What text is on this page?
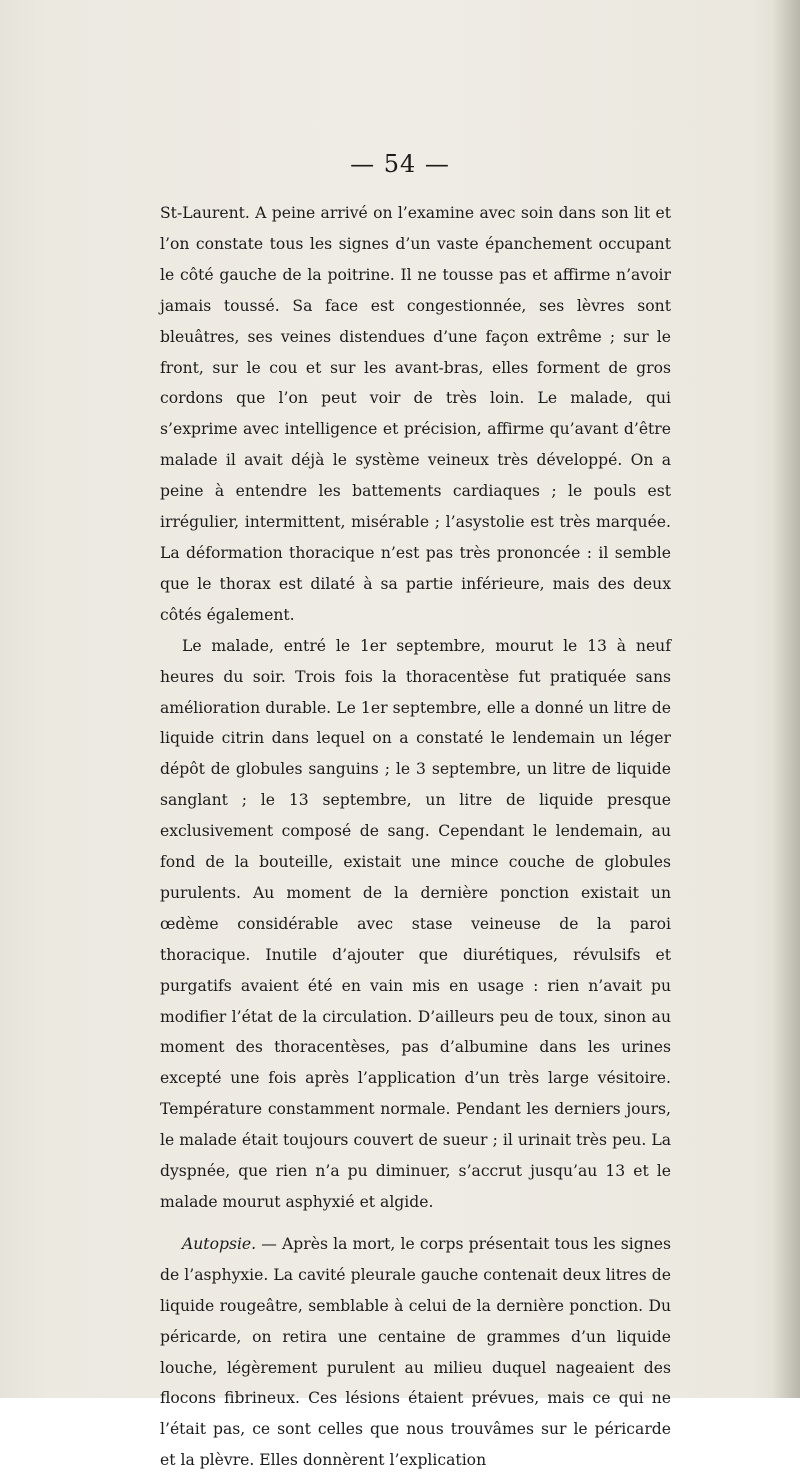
— 54 —

St-Laurent. A peine arrivé on l’examine avec soin dans son lit et l’on constate tous les signes d’un vaste épanchement occupant le côté gauche de la poitrine. Il ne tousse pas et affirme n’avoir jamais toussé. Sa face est congestionnée, ses lèvres sont bleuâtres, ses veines distendues d’une façon extrême ; sur le front, sur le cou et sur les avant-bras, elles forment de gros cordons que l’on peut voir de très loin. Le malade, qui s’exprime avec intelligence et précision, affirme qu’avant d’être malade il avait déjà le système veineux très développé. On a peine à entendre les battements cardiaques ; le pouls est irrégulier, intermittent, misérable ; l’asystolie est très marquée. La déformation thoracique n’est pas très prononcée : il semble que le thorax est dilaté à sa partie inférieure, mais des deux côtés également.

Le malade, entré le 1er septembre, mourut le 13 à neuf heures du soir. Trois fois la thoracentèse fut pratiquée sans amélioration durable. Le 1er septembre, elle a donné un litre de liquide citrin dans lequel on a constaté le lendemain un léger dépôt de globules sanguins ; le 3 septembre, un litre de liquide sanglant ; le 13 septembre, un litre de liquide presque exclusivement composé de sang. Cependant le lendemain, au fond de la bouteille, existait une mince couche de globules purulents. Au moment de la dernière ponction existait un œdème considérable avec stase veineuse de la paroi thoracique. Inutile d’ajouter que diurétiques, révulsifs et purgatifs avaient été en vain mis en usage : rien n’avait pu modifier l’état de la circulation. D’ailleurs peu de toux, sinon au moment des thoracentèses, pas d’albumine dans les urines excepté une fois après l’application d’un très large vésitoire. Température constamment normale. Pendant les derniers jours, le malade était toujours couvert de sueur ; il urinait très peu. La dyspnée, que rien n’a pu diminuer, s’accrut jusqu’au 13 et le malade mourut asphyxié et algide.

Autopsie. — Après la mort, le corps présentait tous les signes de l’asphyxie. La cavité pleurale gauche contenait deux litres de liquide rougeâtre, semblable à celui de la dernière ponction. Du péricarde, on retira une centaine de grammes d’un liquide louche, légèrement purulent au milieu duquel nageaient des flocons fibrineux. Ces lésions étaient prévues, mais ce qui ne l’était pas, ce sont celles que nous trouvâmes sur le péricarde et la plèvre. Elles donnèrent l’explication
